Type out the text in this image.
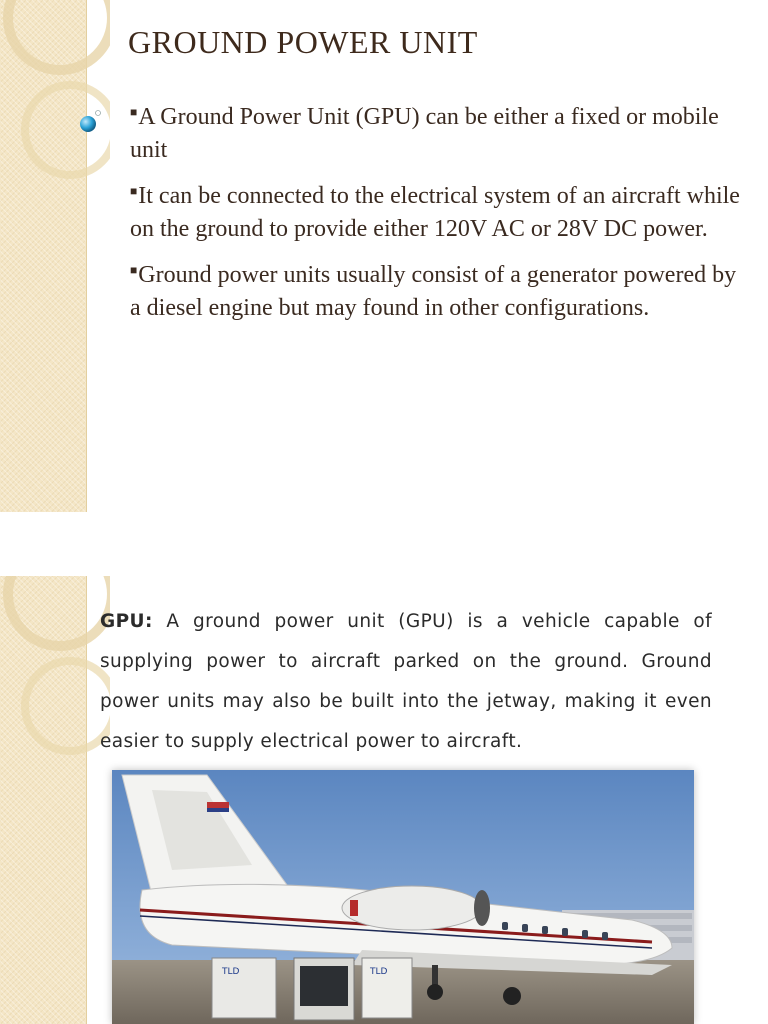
GROUND POWER UNIT

■A Ground Power Unit (GPU) can be either a fixed or mobile unit

■It can be connected to the electrical system of an aircraft while on the ground to provide either 120V AC or 28V DC power.

■Ground power units usually consist of a generator powered by a diesel engine but may found in other configurations.

GPU: A ground power unit (GPU) is a vehicle capable of supplying power to aircraft parked on the ground. Ground power units may also be built into the jetway, making it even easier to supply electrical power to aircraft.
TLD	TLD
